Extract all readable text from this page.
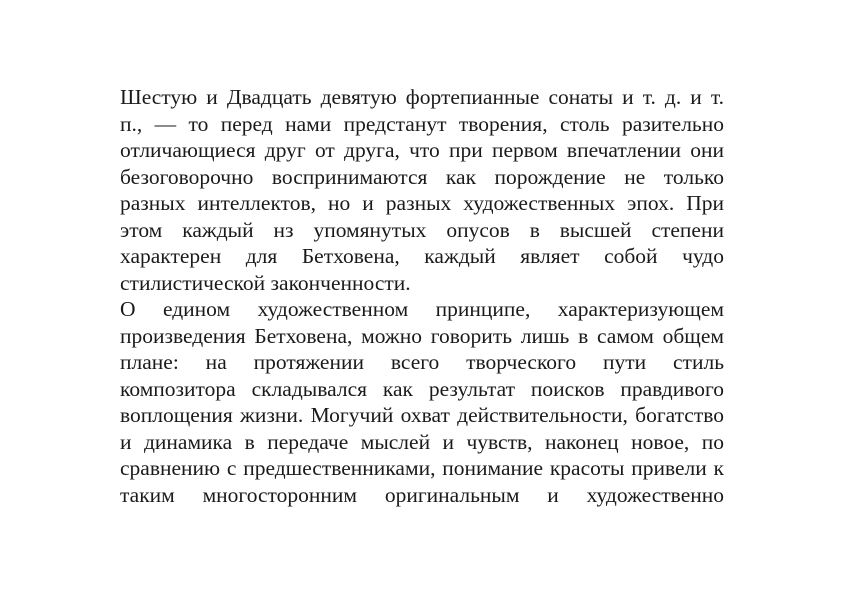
Шестую и Двадцать девятую фортепианные сонаты и т. д. и т.
п., — то перед нами предстанут творения, столь разительно
отличающиеся друг от друга, что при первом впечатлении они
безоговорочно воспринимаются как порождение не только
разных интеллектов, но и разных художественных эпох. При
этом каждый нз упомянутых опусов в высшей степени
характерен для Бетховена, каждый являет собой чудо
стилистической законченности.
О едином художественном принципе, характеризующем
произведения Бетховена, можно говорить лишь в самом общем
плане: на протяжении всего творческого пути стиль
композитора складывался как результат поисков правдивого
воплощения жизни. Могучий охват действительности, богатство
и динамика в передаче мыслей и чувств, наконец новое, по
сравнению с предшественниками, понимание красоты привели к
таким многосторонним оригинальным и художественно
